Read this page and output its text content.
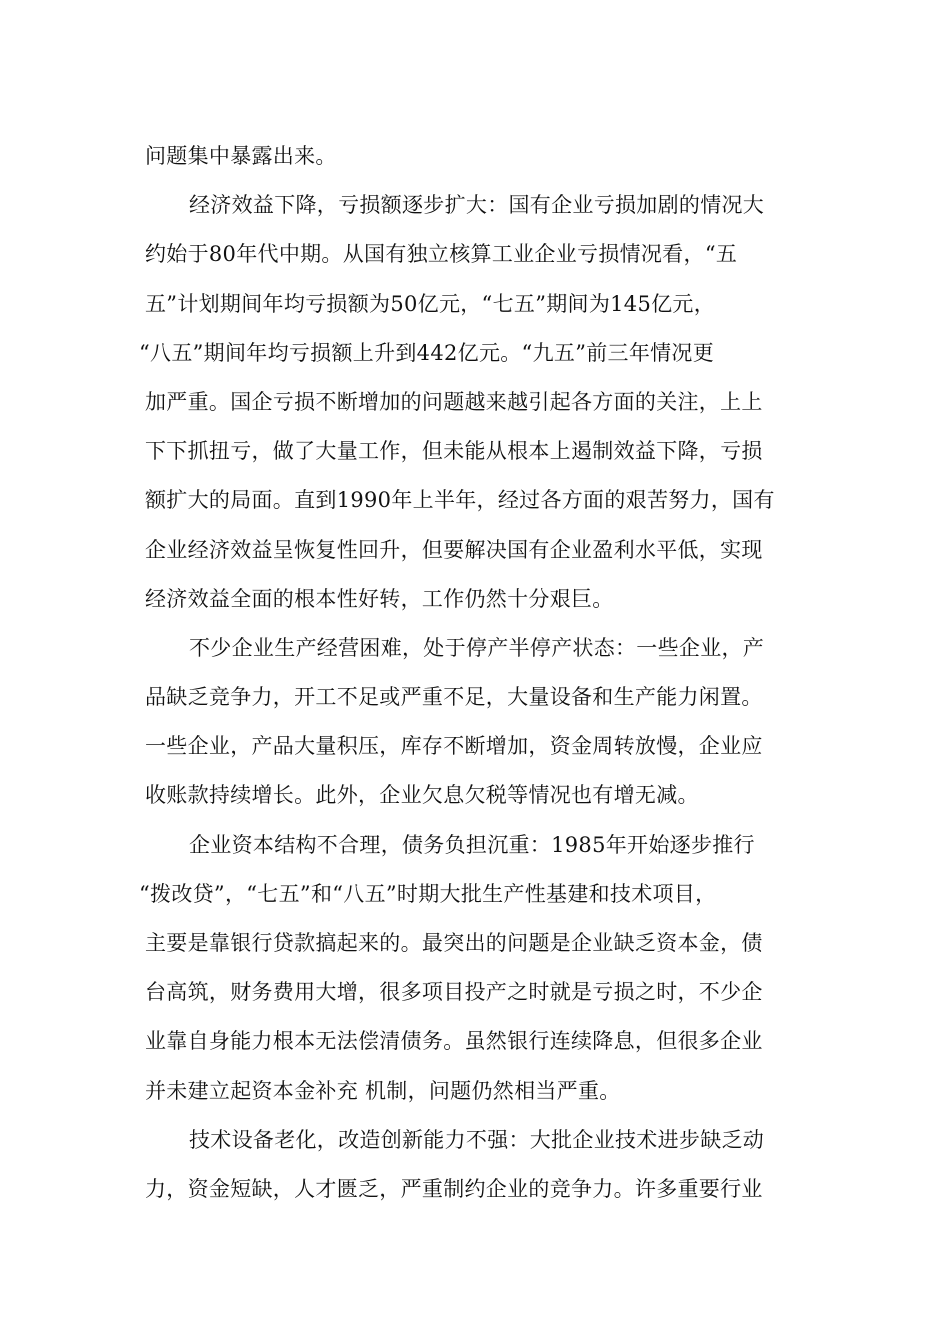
问题集中暴露出来。
经济效益下降，亏损额逐步扩大：国有企业亏损加剧的情况大
约始于80年代中期。从国有独立核算工业企业亏损情况看，“五
五”计划期间年均亏损额为50亿元，“七五”期间为145亿元，
“八五”期间年均亏损额上升到442亿元。“九五”前三年情况更
加严重。国企亏损不断增加的问题越来越引起各方面的关注，上上
下下抓扭亏，做了大量工作，但未能从根本上遏制效益下降，亏损
额扩大的局面。直到1990年上半年，经过各方面的艰苦努力，国有
企业经济效益呈恢复性回升，但要解决国有企业盈利水平低，实现
经济效益全面的根本性好转，工作仍然十分艰巨。
不少企业生产经营困难，处于停产半停产状态：一些企业，产
品缺乏竞争力，开工不足或严重不足，大量设备和生产能力闲置。
一些企业，产品大量积压，库存不断增加，资金周转放慢，企业应
收账款持续增长。此外，企业欠息欠税等情况也有增无减。
企业资本结构不合理，债务负担沉重：1985年开始逐步推行
“拨改贷”，“七五”和“八五”时期大批生产性基建和技术项目，
主要是靠银行贷款搞起来的。最突出的问题是企业缺乏资本金，债
台高筑，财务费用大增，很多项目投产之时就是亏损之时，不少企
业靠自身能力根本无法偿清债务。虽然银行连续降息，但很多企业
并未建立起资本金补充 机制，问题仍然相当严重。
技术设备老化，改造创新能力不强：大批企业技术进步缺乏动
力，资金短缺，人才匮乏，严重制约企业的竞争力。许多重要行业
